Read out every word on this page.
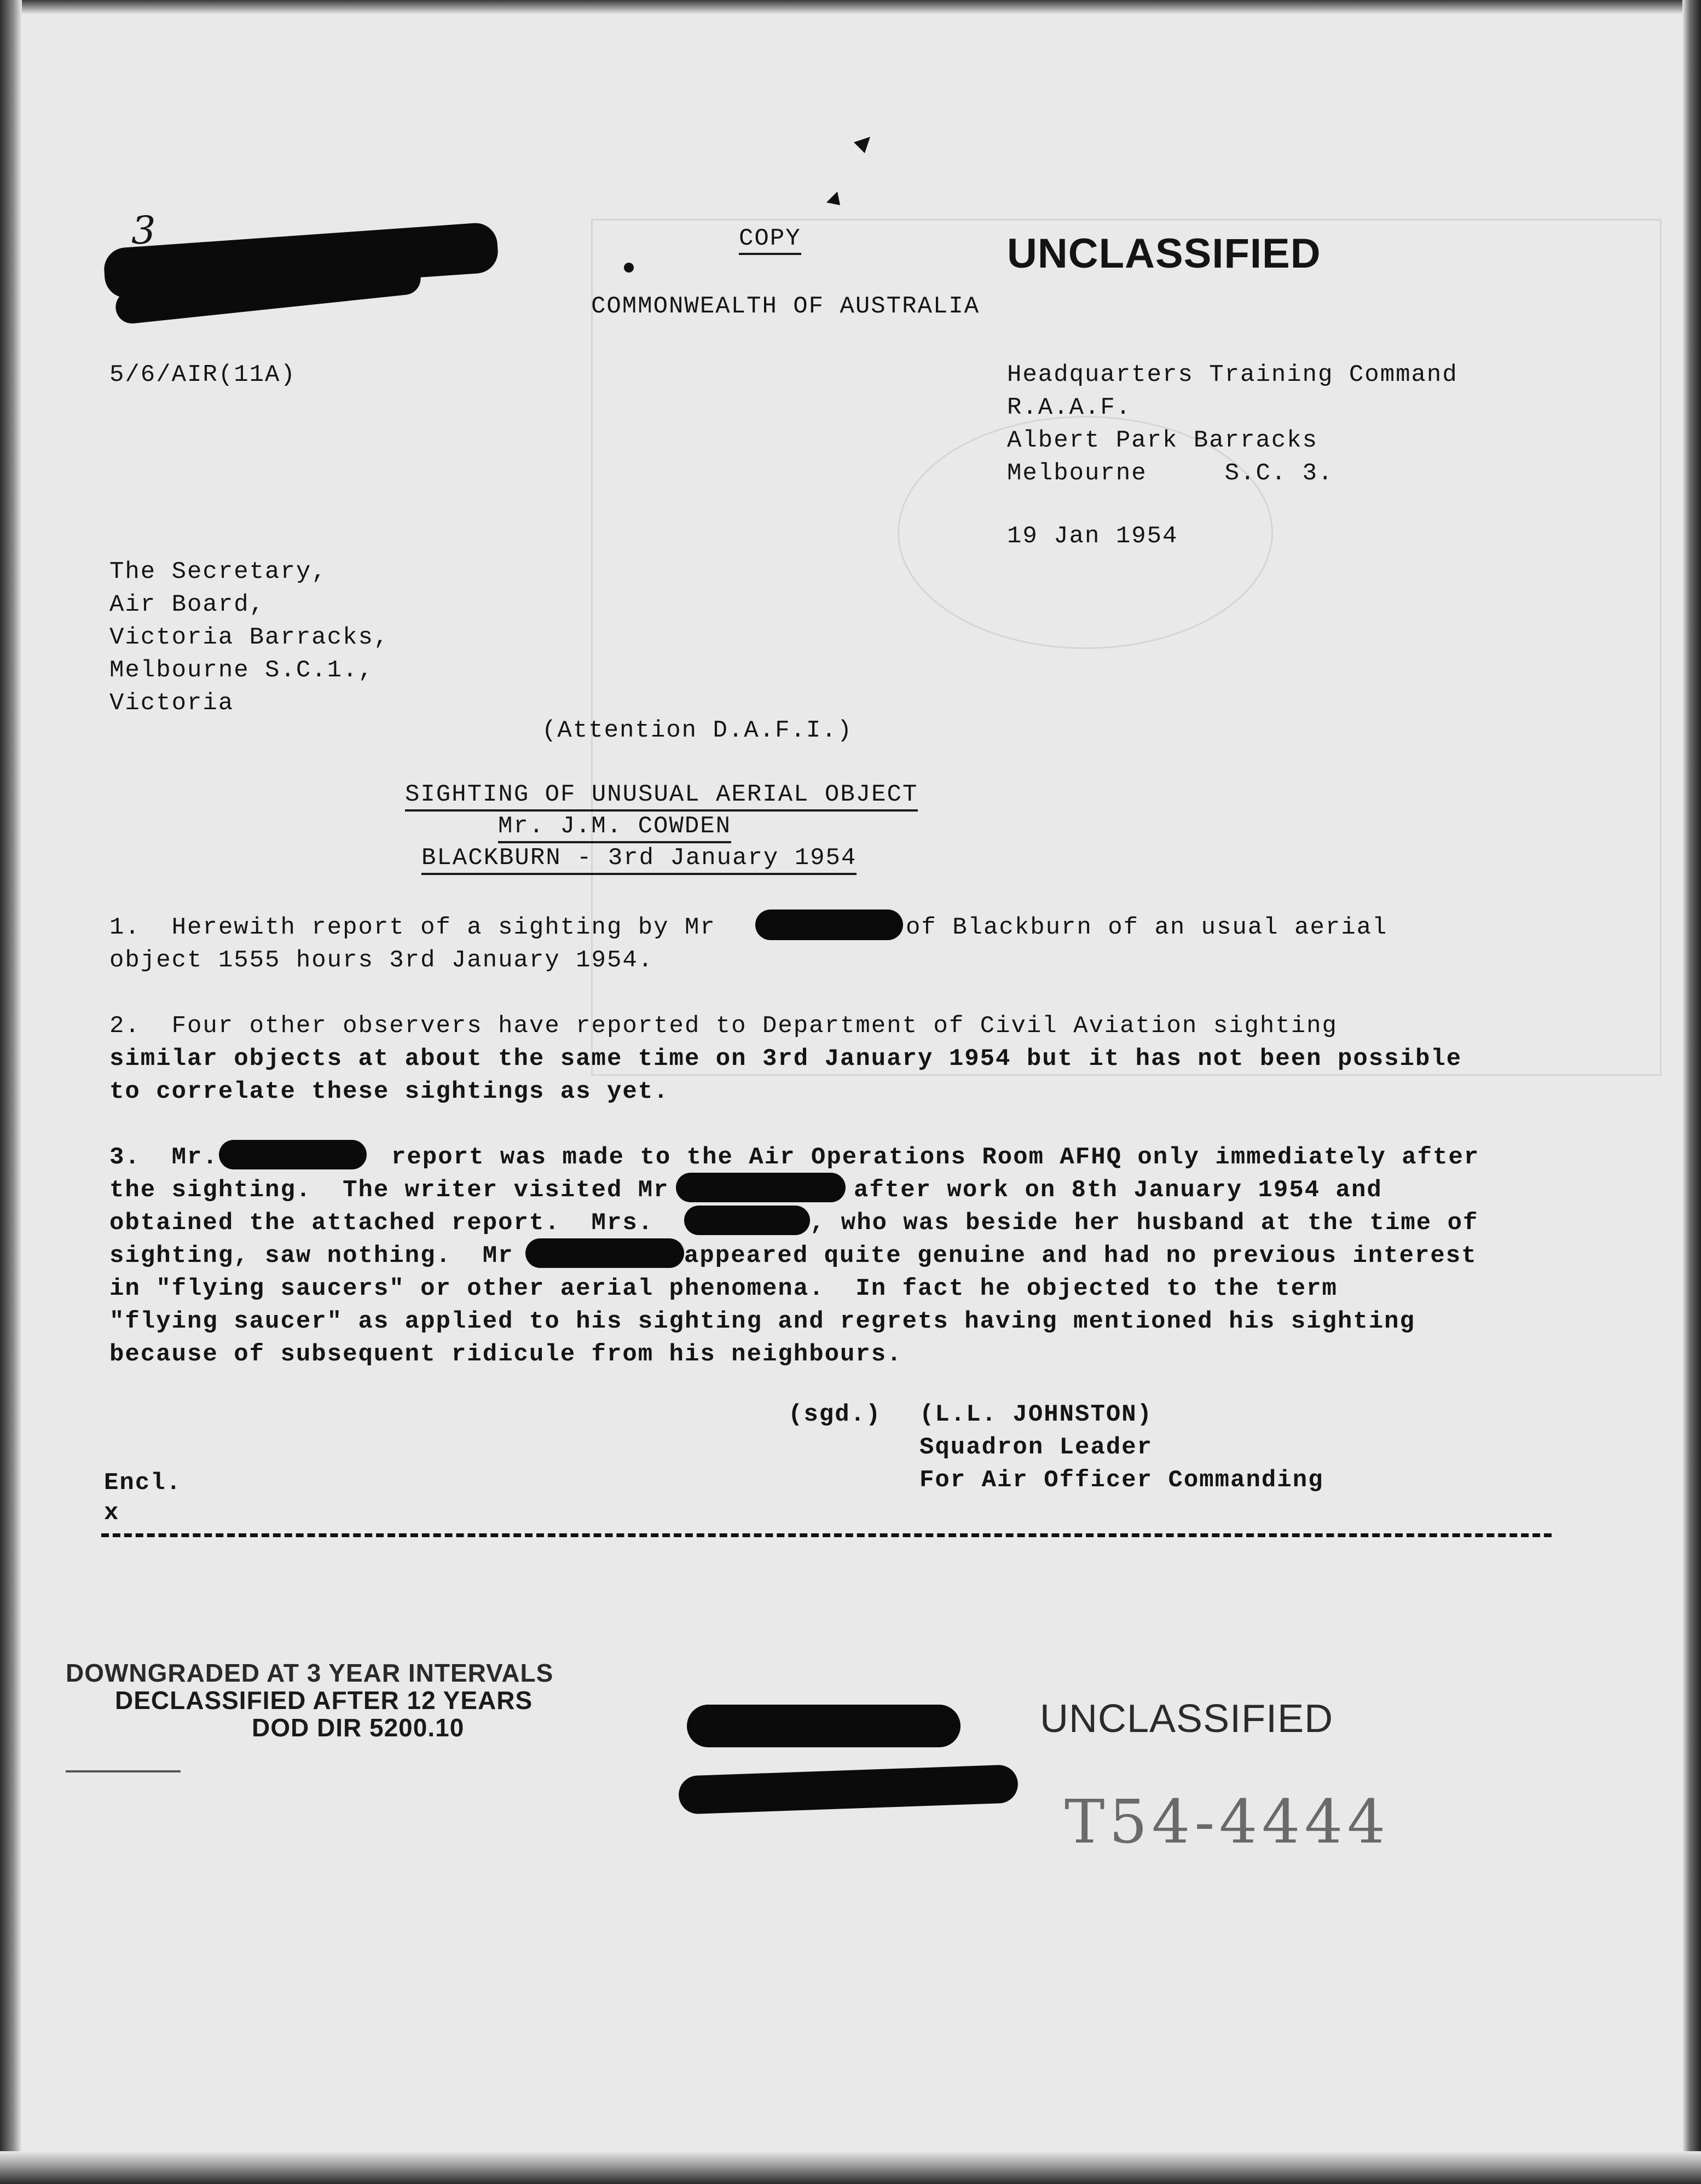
3	COPY	UNCLASSIFIED
COMMONWEALTH OF AUSTRALIA
5/6/AIR(11A)	Headquarters Training Command
R.A.A.F.
Albert Park Barracks
Melbourne     S.C. 3.
19 Jan 1954
The Secretary,
Air Board,
Victoria Barracks,
Melbourne S.C.1.,
Victoria
(Attention D.A.F.I.)
SIGHTING OF UNUSUAL AERIAL OBJECT
Mr. J.M. COWDEN
BLACKBURN - 3rd January 1954
1.  Herewith report of a sighting by Mr	of Blackburn of an usual aerial
object 1555 hours 3rd January 1954.
2.  Four other observers have reported to Department of Civil Aviation sighting
similar objects at about the same time on 3rd January 1954 but it has not been possible
to correlate these sightings as yet.
3.  Mr.	report was made to the Air Operations Room AFHQ only immediately after
the sighting.  The writer visited Mr	after work on 8th January 1954 and
obtained the attached report.  Mrs.	, who was beside her husband at the time of
sighting, saw nothing.  Mr	appeared quite genuine and had no previous interest
in "flying saucers" or other aerial phenomena.  In fact he objected to the term
"flying saucer" as applied to his sighting and regrets having mentioned his sighting
because of subsequent ridicule from his neighbours.
(sgd.) (L.L. JOHNSTON)
Squadron Leader
For Air Officer Commanding
Encl.
x
DOWNGRADED AT 3 YEAR INTERVALS
DECLASSIFIED AFTER 12 YEARS
DOD DIR 5200.10	UNCLASSIFIED
T54-4444
